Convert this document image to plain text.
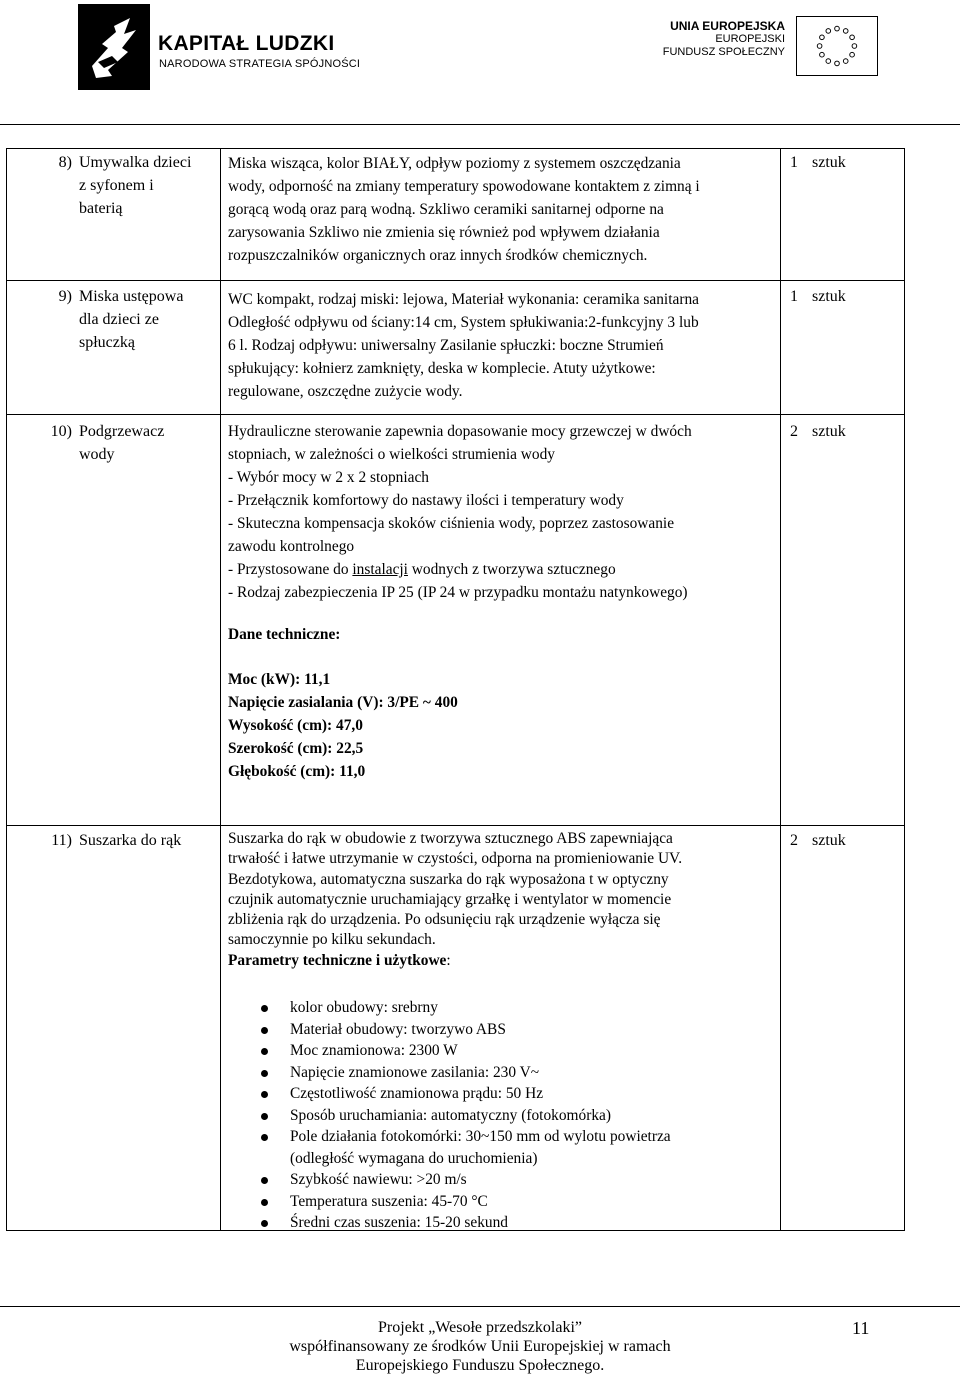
KAPITAŁ LUDZKI
NARODOWA STRATEGIA SPÓJNOŚCI
UNIA EUROPEJSKA
EUROPEJSKI
FUNDUSZ SPOŁECZNY
8) Umywalka dzieci
z syfonem i
baterią
Miska wisząca, kolor BIAŁY, odpływ poziomy z systemem oszczędzania
wody, odporność na zmiany temperatury spowodowane kontaktem z zimną i
gorącą wodą oraz parą wodną. Szkliwo ceramiki sanitarnej odporne na
zarysowania Szkliwo nie zmienia się również pod wpływem działania
rozpuszczalników organicznych oraz innych środków chemicznych.
1 sztuk
9) Miska ustępowa
dla dzieci ze
spłuczką
WC kompakt, rodzaj miski: lejowa, Materiał wykonania: ceramika sanitarna
Odległość odpływu od ściany:14 cm, System spłukiwania:2-funkcyjny 3 lub
6 l. Rodzaj odpływu: uniwersalny Zasilanie spłuczki: boczne Strumień
spłukujący: kołnierz zamknięty, deska w komplecie. Atuty użytkowe:
regulowane, oszczędne zużycie wody.
1 sztuk
10) Podgrzewacz
wody
Hydrauliczne sterowanie zapewnia dopasowanie mocy grzewczej w dwóch
stopniach, w zależności o wielkości strumienia wody
- Wybór mocy w 2 x 2 stopniach
- Przełącznik komfortowy do nastawy ilości i temperatury wody
- Skuteczna kompensacja skoków ciśnienia wody, poprzez zastosowanie
zawodu kontrolnego
- Przystosowane do instalacji wodnych z tworzywa sztucznego
- Rodzaj zabezpieczenia IP 25 (IP 24 w przypadku montażu natynkowego)
Dane techniczne:
Moc (kW): 11,1
Napięcie zasialania (V): 3/PE ~ 400
Wysokość (cm): 47,0
Szerokość (cm): 22,5
Głębokość (cm): 11,0
2 sztuk
11) Suszarka do rąk	Suszarka do rąk w obudowie z tworzywa sztucznego ABS zapewniająca
trwałość i łatwe utrzymanie w czystości, odporna na promieniowanie UV.
Bezdotykowa, automatyczna suszarka do rąk wyposażona t w optyczny
czujnik automatycznie uruchamiający grzałkę i wentylator w momencie
zbliżenia rąk do urządzenia. Po odsunięciu rąk urządzenie wyłącza się
samoczynnie po kilku sekundach.
Parametry techniczne i użytkowe:
kolor obudowy: srebrny
Materiał obudowy: tworzywo ABS
Moc znamionowa: 2300 W
Napięcie znamionowe zasilania: 230 V~
Częstotliwość znamionowa prądu: 50 Hz
Sposób uruchamiania: automatyczny (fotokomórka)
Pole działania fotokomórki: 30~150 mm od wylotu powietrza
(odległość wymagana do uruchomienia)
Szybkość nawiewu: >20 m/s
Temperatura suszenia: 45-70 °C
Średni czas suszenia: 15-20 sekund
2 sztuk
Projekt „Wesołe przedszkolaki”
współfinansowany ze środków Unii Europejskiej w ramach
Europejskiego Funduszu Społecznego.
11
